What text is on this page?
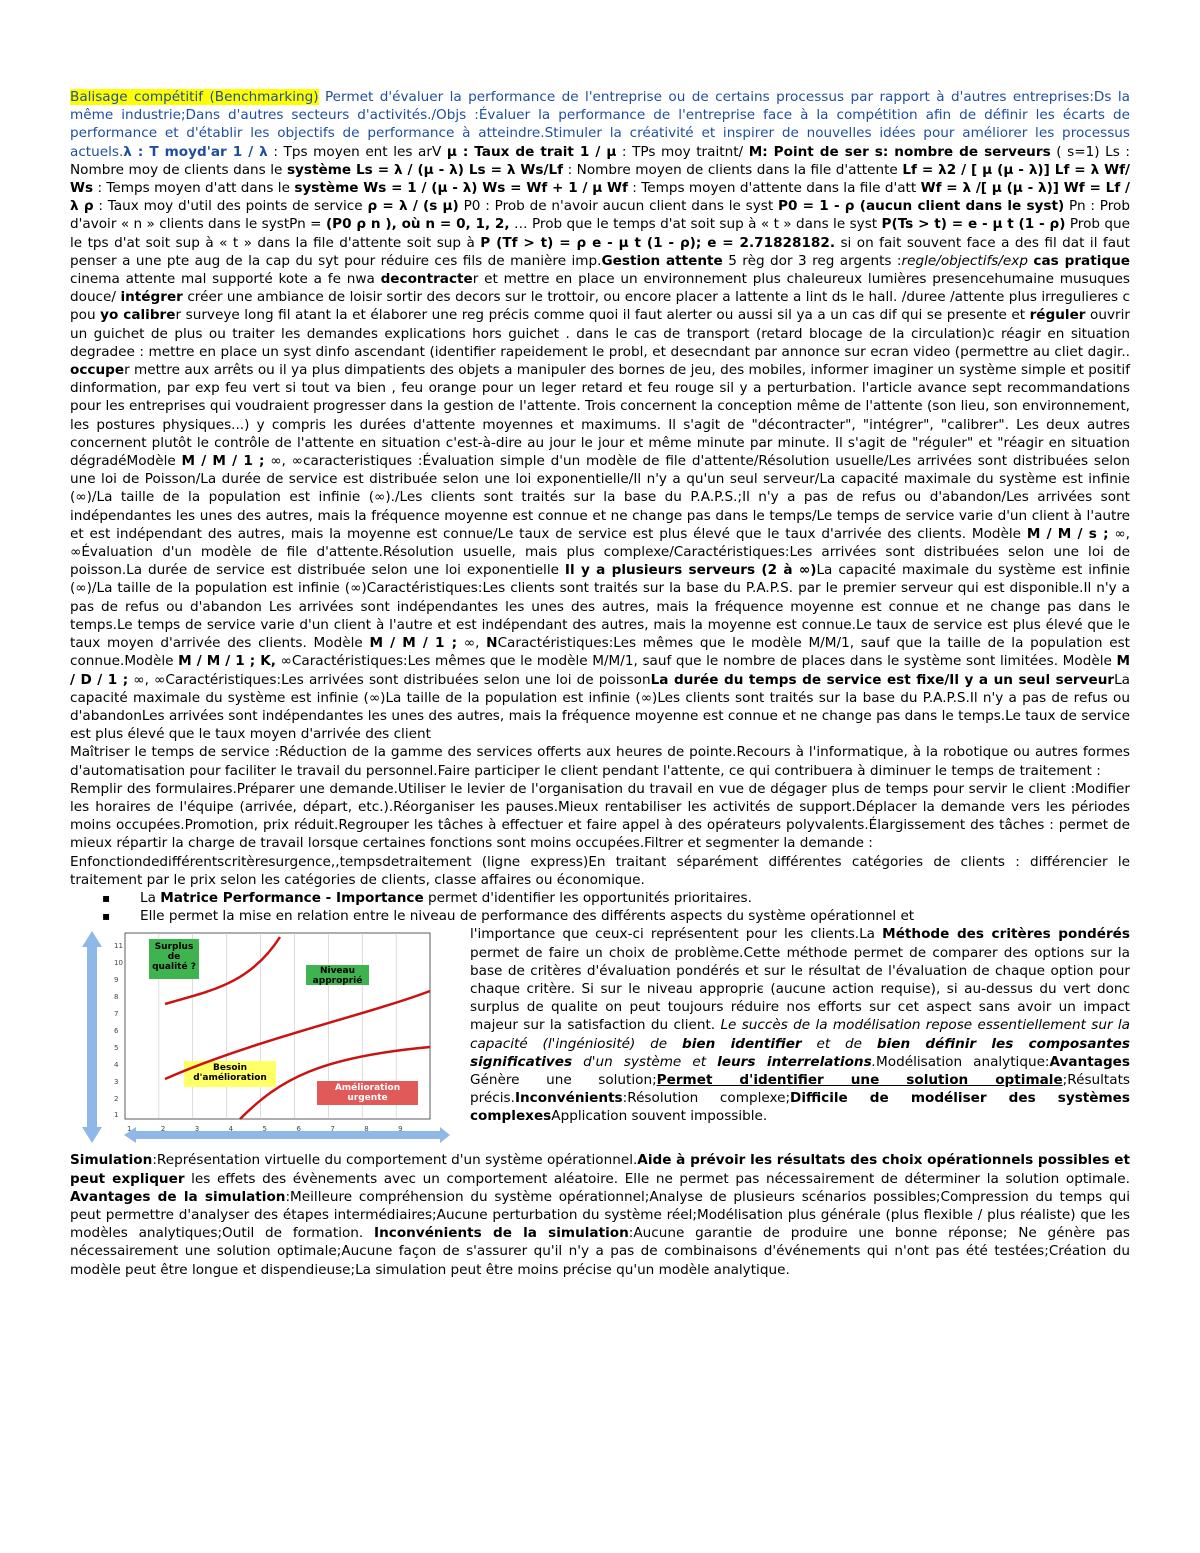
Balisage compétitif (Benchmarking) Permet d'évaluer la performance de l'entreprise ou de certains processus par rapport à d'autres entreprises:Ds la même industrie;Dans d'autres secteurs d'activités./Objs :Évaluer la performance de l'entreprise face à la compétition afin de définir les écarts de performance et d'établir les objectifs de performance à atteindre.Stimuler la créativité et inspirer de nouvelles idées pour améliorer les processus actuels.λ : T moyd'ar 1 / λ : Tps moyen ent les arV µ : Taux de trait 1 / µ : TPs moy traitnt/ M: Point de ser s: nombre de serveurs ( s=1) Ls : Nombre moy de clients dans le système Ls = λ / (µ - λ) Ls = λ Ws/Lf : Nombre moyen de clients dans la file d'attente Lf = λ2 / [ µ (µ - λ)] Lf = λ Wf/ Ws : Temps moyen d'att dans le système Ws = 1 / (µ - λ) Ws = Wf + 1 / µ Wf : Temps moyen d'attente dans la file d'att Wf = λ /[ µ (µ - λ)] Wf = Lf / λ ρ : Taux moy d'util des points de service ρ = λ / (s µ) P0 : Prob de n'avoir aucun client dans le syst P0 = 1 - ρ (aucun client dans le syst) Pn : Prob d'avoir « n » clients dans le systPn = (P0 ρ n ), où n = 0, 1, 2, … Prob que le temps d'at soit sup à « t » dans le syst P(Ts > t) = e - µ t (1 - ρ) Prob que le tps d'at soit sup à « t » dans la file d'attente soit sup à P (Tf > t) = ρ e - µ t (1 - ρ); e = 2.71828182. si on fait souvent face a des fil dat il faut penser a une pte aug de la cap du syt pour réduire ces fils de manière imp.Gestion attente 5 règ dor 3 reg argents :regle/objectifs/exp cas pratique cinema attente mal supporté kote a fe nwa decontracter et mettre en place un environnement plus chaleureux lumières presencehumaine musuques douce/ intégrer créer une ambiance de loisir sortir des decors sur le trottoir, ou encore placer a lattente a lint ds le hall. /duree /attente plus irregulieres c pou yo calibrer surveye long fil atant la et élaborer une reg précis comme quoi il faut alerter ou aussi sil ya a un cas dif qui se presente et réguler ouvrir un guichet de plus ou traiter les demandes explications hors guichet . dans le cas de transport (retard blocage de la circulation)c réagir en situation degradee : mettre en place un syst dinfo ascendant (identifier rapeidement le probl, et desecndant par annonce sur ecran video (permettre au cliet dagir.. occuper mettre aux arrêts ou il ya plus dimpatients des objets a manipuler des bornes de jeu, des mobiles, informer imaginer un système simple et positif dinformation, par exp feu vert si tout va bien , feu orange pour un leger retard et feu rouge sil y a perturbation. l'article avance sept recommandations pour les entreprises qui voudraient progresser dans la gestion de l'attente. Trois concernent la conception même de l'attente (son lieu, son environnement, les postures physiques...) y compris les durées d'attente moyennes et maximums. Il s'agit de "décontracter", "intégrer", "calibrer". Les deux autres concernent plutôt le contrôle de l'attente en situation c'est-à-dire au jour le jour et même minute par minute. Il s'agit de "réguler" et "réagir en situation dégradéModèle M / M / 1 ; ∞, ∞caracteristiques :Évaluation simple d'un modèle de file d'attente/Résolution usuelle/Les arrivées sont distribuées selon une loi de Poisson/La durée de service est distribuée selon une loi exponentielle/Il n'y a qu'un seul serveur/La capacité maximale du système est infinie (∞)/La taille de la population est infinie (∞)./Les clients sont traités sur la base du P.A.P.S.;Il n'y a pas de refus ou d'abandon/Les arrivées sont indépendantes les unes des autres, mais la fréquence moyenne est connue et ne change pas dans le temps/Le temps de service varie d'un client à l'autre et est indépendant des autres, mais la moyenne est connue/Le taux de service est plus élevé que le taux d'arrivée des clients. Modèle M / M / s ; ∞, ∞Évaluation d'un modèle de file d'attente.Résolution usuelle, mais plus complexe/Caractéristiques:Les arrivées sont distribuées selon une loi de poisson.La durée de service est distribuée selon une loi exponentielle Il y a plusieurs serveurs (2 à ∞)La capacité maximale du système est infinie (∞)/La taille de la population est infinie (∞)Caractéristiques:Les clients sont traités sur la base du P.A.P.S. par le premier serveur qui est disponible.Il n'y a pas de refus ou d'abandon Les arrivées sont indépendantes les unes des autres, mais la fréquence moyenne est connue et ne change pas dans le temps.Le temps de service varie d'un client à l'autre et est indépendant des autres, mais la moyenne est connue.Le taux de service est plus élevé que le taux moyen d'arrivée des clients. Modèle M / M / 1 ; ∞, NCaractéristiques:Les mêmes que le modèle M/M/1, sauf que la taille de la population est connue.Modèle M / M / 1 ; K, ∞Caractéristiques:Les mêmes que le modèle M/M/1, sauf que le nombre de places dans le système sont limitées. Modèle M / D / 1 ; ∞, ∞Caractéristiques:Les arrivées sont distribuées selon une loi de poissonLa durée du temps de service est fixe/Il y a un seul serveurLa capacité maximale du système est infinie (∞)La taille de la population est infinie (∞)Les clients sont traités sur la base du P.A.P.S.Il n'y a pas de refus ou d'abandonLes arrivées sont indépendantes les unes des autres, mais la fréquence moyenne est connue et ne change pas dans le temps.Le taux de service est plus élevé que le taux moyen d'arrivée des client

Maîtriser le temps de service :Réduction de la gamme des services offerts aux heures de pointe.Recours à l'informatique, à la robotique ou autres formes d'automatisation pour faciliter le travail du personnel.Faire participer le client pendant l'attente, ce qui contribuera à diminuer le temps de traitement :

Remplir des formulaires.Préparer une demande.Utiliser le levier de l'organisation du travail en vue de dégager plus de temps pour servir le client :Modifier les horaires de l'équipe (arrivée, départ, etc.).Réorganiser les pauses.Mieux rentabiliser les activités de support.Déplacer la demande vers les périodes moins occupées.Promotion, prix réduit.Regrouper les tâches à effectuer et faire appel à des opérateurs polyvalents.Élargissement des tâches : permet de mieux répartir la charge de travail lorsque certaines fonctions sont moins occupées.Filtrer et segmenter la demande :

Enfonctiondedifférentscritèresurgence,,tempsdetraitement (ligne express)En traitant séparément différentes catégories de clients : différencier le traitement par le prix selon les catégories de clients, classe affaires ou économique.

▪ La Matrice Performance - Importance permet d'identifier les opportunités prioritaires.
▪ Elle permet la mise en relation entre le niveau de performance des différents aspects du système opérationnel et
Surplus de qualité ?	Niveau approprié
Besoin d'amélioration
Amélioration urgente
11
10
9
8
7
6
5
4
3
2
1
1	2	3	4	5	6	7	8	9

l'importance que ceux-ci représentent pour les clients.La Méthode des critères pondérés permet de faire un choix de problème.Cette méthode permet de comparer des options sur la base de critères d'évaluation pondérés et sur le résultat de l'évaluation de chaque option pour chaque critère. Si sur le niveau appropriє (aucune action requise), si au-dessus du vert donc surplus de qualite on peut toujours réduire nos efforts sur cet aspect sans avoir un impact majeur sur la satisfaction du client. Le succès de la modélisation repose essentiellement sur la capacité (l'ingéniosité) de bien identifier et de bien définir les composantes significatives d'un système et leurs interrelations.Modélisation analytique:Avantages Génère une solution;Permet d'identifier une solution optimale;Résultats précis.Inconvénients:Résolution complexe;Difficile de modéliser des systèmes complexesApplication souvent impossible.

Simulation:Représentation virtuelle du comportement d'un système opérationnel.Aide à prévoir les résultats des choix opérationnels possibles et peut expliquer les effets des évènements avec un comportement aléatoire. Elle ne permet pas nécessairement de déterminer la solution optimale. Avantages de la simulation:Meilleure compréhension du système opérationnel;Analyse de plusieurs scénarios possibles;Compression du temps qui peut permettre d'analyser des étapes intermédiaires;Aucune perturbation du système réel;Modélisation plus générale (plus flexible / plus réaliste) que les modèles analytiques;Outil de formation. Inconvénients de la simulation:Aucune garantie de produire une bonne réponse; Ne génère pas nécessairement une solution optimale;Aucune façon de s'assurer qu'il n'y a pas de combinaisons d'événements qui n'ont pas été testées;Création du modèle peut être longue et dispendieuse;La simulation peut être moins précise qu'un modèle analytique.
